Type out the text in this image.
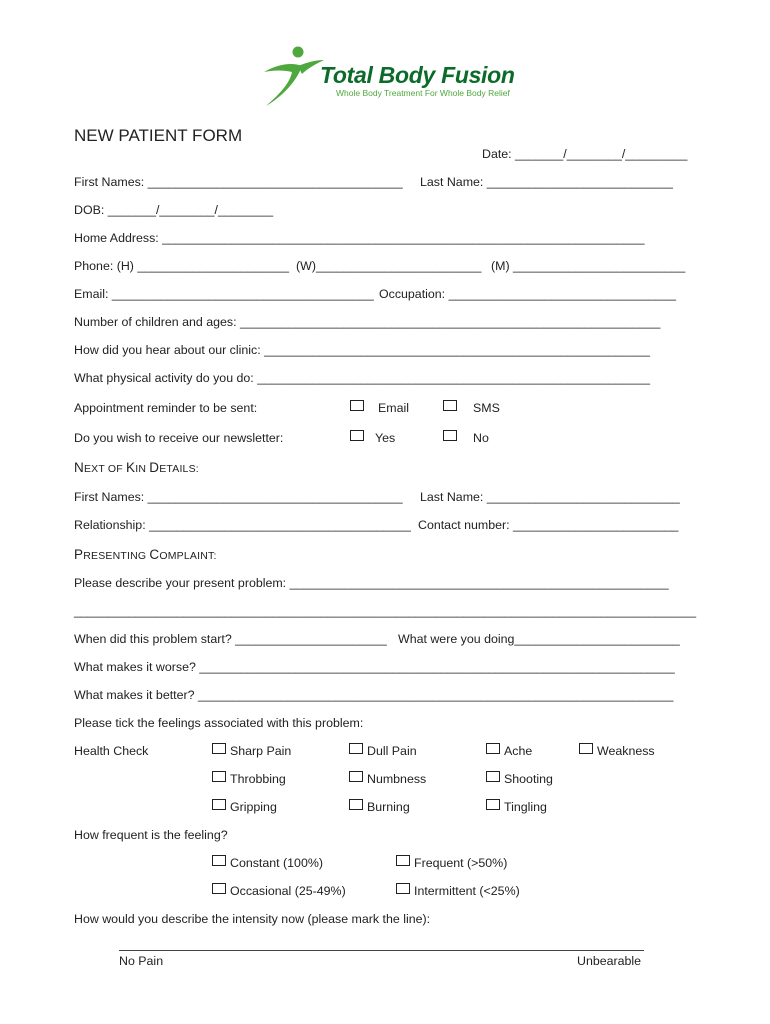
Total Body Fusion
Whole Body Treatment For Whole Body Relief
NEW PATIENT FORM
Date: _______/________/_________
First Names: _____________________________________ Last Name: ___________________________
DOB: _______/________/________
Home Address: ______________________________________________________________________
Phone: (H) ______________________ (W)________________________ (M) _________________________
Email: ______________________________________ Occupation: _________________________________
Number of children and ages: _____________________________________________________________
How did you hear about our clinic: ________________________________________________________
What physical activity do you do: _________________________________________________________
Appointment reminder to be sent:	Email	SMS
Do you wish to receive our newsletter:	Yes	No
NEXT OF KIN DETAILS:
First Names: _____________________________________ Last Name: ____________________________
Relationship: ______________________________________ Contact number: ________________________
PRESENTING COMPLAINT:
Please describe your present problem: _______________________________________________________
___________________________________________________________________________________________
When did this problem start? ______________________ What were you doing________________________
What makes it worse? _____________________________________________________________________
What makes it better? _____________________________________________________________________
Please tick the feelings associated with this problem:
Health Check	Sharp Pain	Dull Pain	Ache	Weakness
Throbbing	Numbness	Shooting
Gripping	Burning	Tingling
How frequent is the feeling?
Constant (100%)	Frequent (>50%)
Occasional (25-49%)	Intermittent (<25%)
How would you describe the intensity now (please mark the line):
No Pain	Unbearable
